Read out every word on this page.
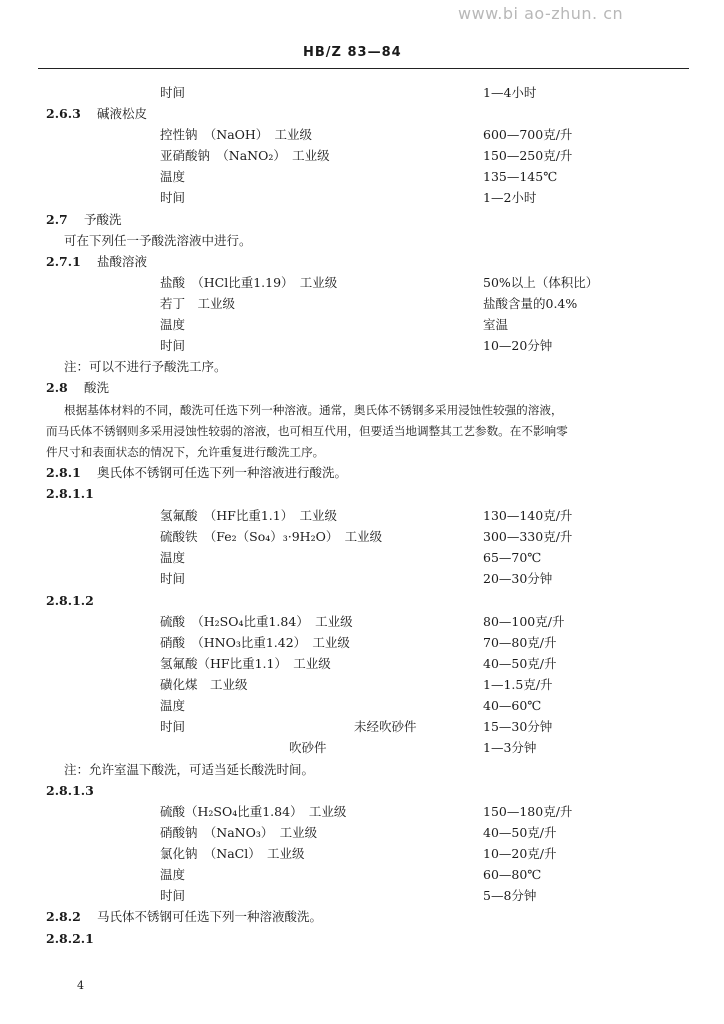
www.bi ao-zhun. cn
HB/Z 83—84
时间	1—4小时
2.6.3 碱液松皮
控性钠　（NaOH）　工业级	600—700克/升
亚硝酸钠　（NaNO₂）　工业级	150—250克/升
温度	135—145℃
时间	1—2小时
2.7 予酸洗
可在下列任一予酸洗溶液中进行。
2.7.1 盐酸溶液
盐酸　（HCl比重1.19）　工业级	50%以上（体积比）
若丁　工业级	盐酸含量的0.4%
温度	室温
时间	10—20分钟
注：可以不进行予酸洗工序。
2.8 酸洗
根据基体材料的不同，酸洗可任选下列一种溶液。通常，奥氏体不锈钢多采用浸蚀性较强的溶液，
而马氏体不锈钢则多采用浸蚀性较弱的溶液，也可相互代用，但要适当地调整其工艺参数。在不影响零
件尺寸和表面状态的情况下，允许重复进行酸洗工序。
2.8.1 奥氏体不锈钢可任选下列一种溶液进行酸洗。
2.8.1.1
氢氟酸　（HF比重1.1）　工业级	130—140克/升
硫酸铁　（Fe₂（So₄）₃·9H₂O）　工业级	300—330克/升
温度	65—70℃
时间	20—30分钟
2.8.1.2
硫酸　（H₂SO₄比重1.84）　工业级	80—100克/升
硝酸　（HNO₃比重1.42）　工业级	70—80克/升
氢氟酸（HF比重1.1）　工业级	40—50克/升
磺化煤　工业级	1—1.5克/升
温度	40—60℃
时间	未经吹砂件	15—30分钟
吹砂件	1—3分钟
注：允许室温下酸洗，可适当延长酸洗时间。
2.8.1.3
硫酸（H₂SO₄比重1.84）　工业级	150—180克/升
硝酸钠　（NaNO₃）　工业级	40—50克/升
氯化钠　（NaCl）　工业级	10—20克/升
温度	60—80℃
时间	5—8分钟
2.8.2 马氏体不锈钢可任选下列一种溶液酸洗。
2.8.2.1
4
